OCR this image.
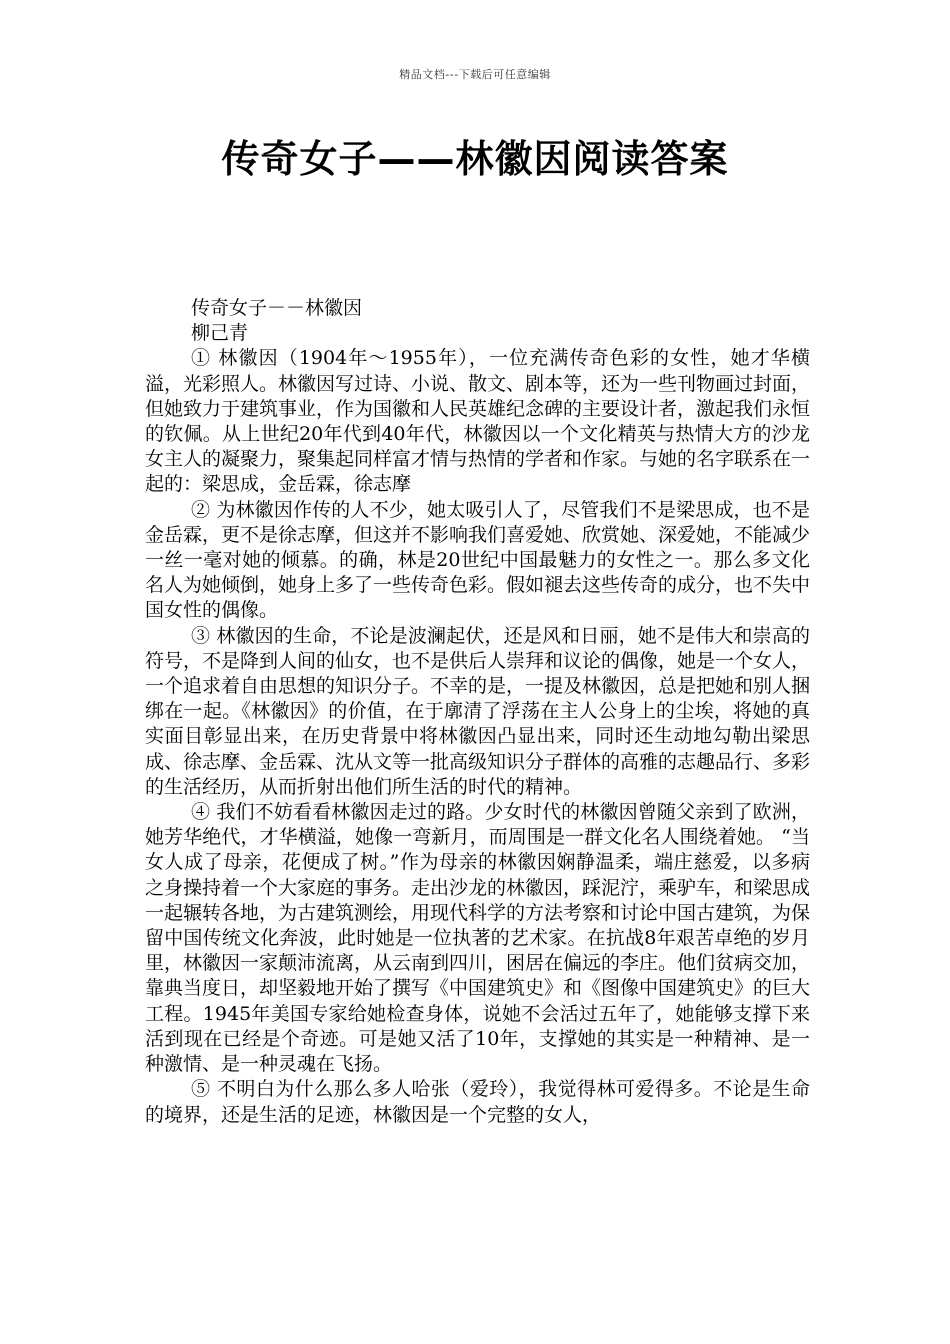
精品文档---下载后可任意编辑
传奇女子——林徽因阅读答案
传奇女子－－林徽因
柳己青

① 林徽因（1904年～1955年），一位充满传奇色彩的女性，她才华横溢，光彩照人。林徽因写过诗、小说、散文、剧本等，还为一些刊物画过封面，但她致力于建筑事业，作为国徽和人民英雄纪念碑的主要设计者，激起我们永恒的钦佩。从上世纪20年代到40年代，林徽因以一个文化精英与热情大方的沙龙女主人的凝聚力，聚集起同样富才情与热情的学者和作家。与她的名字联系在一起的：梁思成，金岳霖，徐志摩

② 为林徽因作传的人不少，她太吸引人了，尽管我们不是梁思成，也不是金岳霖，更不是徐志摩，但这并不影响我们喜爱她、欣赏她、深爱她，不能减少一丝一毫对她的倾慕。的确，林是20世纪中国最魅力的女性之一。那么多文化名人为她倾倒，她身上多了一些传奇色彩。假如褪去这些传奇的成分，也不失中国女性的偶像。

③ 林徽因的生命，不论是波澜起伏，还是风和日丽，她不是伟大和崇高的符号，不是降到人间的仙女，也不是供后人崇拜和议论的偶像，她是一个女人，一个追求着自由思想的知识分子。不幸的是，一提及林徽因，总是把她和别人捆绑在一起。《林徽因》的价值，在于廓清了浮荡在主人公身上的尘埃，将她的真实面目彰显出来，在历史背景中将林徽因凸显出来，同时还生动地勾勒出梁思成、徐志摩、金岳霖、沈从文等一批高级知识分子群体的高雅的志趣品行、多彩的生活经历，从而折射出他们所生活的时代的精神。

④ 我们不妨看看林徽因走过的路。少女时代的林徽因曾随父亲到了欧洲，她芳华绝代，才华横溢，她像一弯新月，而周围是一群文化名人围绕着她。 “当女人成了母亲，花便成了树。”作为母亲的林徽因娴静温柔，端庄慈爱，以多病之身操持着一个大家庭的事务。走出沙龙的林徽因，踩泥泞，乘驴车，和梁思成一起辗转各地，为古建筑测绘，用现代科学的方法考察和讨论中国古建筑，为保留中国传统文化奔波，此时她是一位执著的艺术家。在抗战8年艰苦卓绝的岁月里，林徽因一家颠沛流离，从云南到四川，困居在偏远的李庄。他们贫病交加，靠典当度日，却坚毅地开始了撰写《中国建筑史》和《图像中国建筑史》的巨大工程。1945年美国专家给她检查身体，说她不会活过五年了，她能够支撑下来活到现在已经是个奇迹。可是她又活了10年，支撑她的其实是一种精神、是一种激情、是一种灵魂在飞扬。

⑤ 不明白为什么那么多人哈张（爱玲），我觉得林可爱得多。不论是生命的境界，还是生活的足迹，林徽因是一个完整的女人，
